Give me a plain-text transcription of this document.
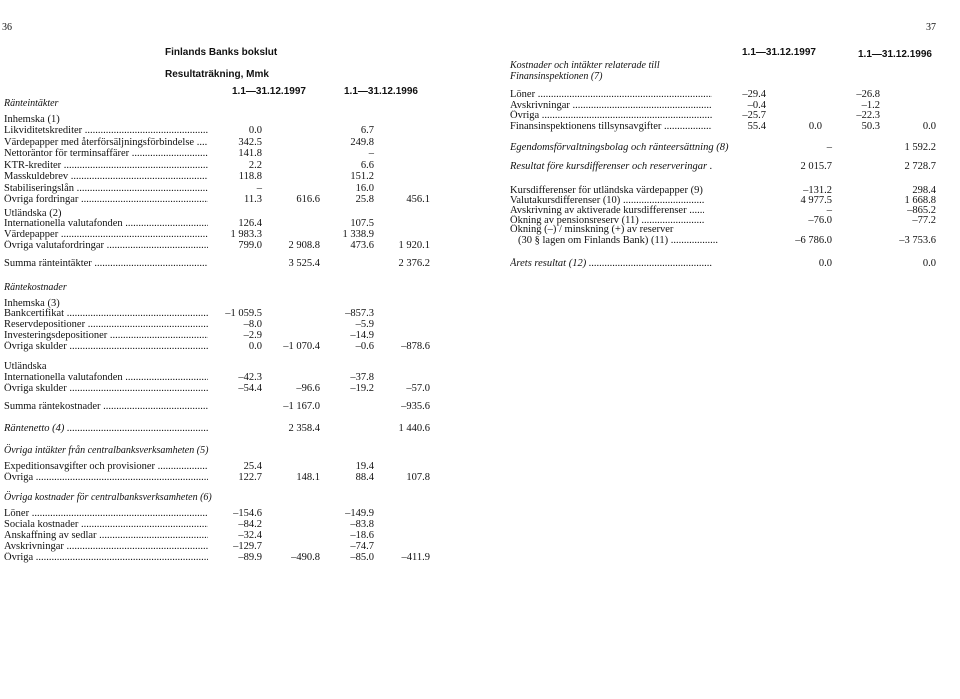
36	37
Finlands Banks bokslut
Resultaträkning, Mmk
1.1—31.12.1997	1.1—31.12.1996
1.1—31.12.1997	1.1—31.12.1996
Ränteintäkter
Inhemska (1)
Likviditetskrediter .....	0.0	6.7
Värdepapper med återförsäljningsförbindelse .....	342.5	249.8
Nettoräntor för terminsaffärer .....	141.8	–
KTR-krediter .....	2.2	6.6
Masskuldebrev .....	118.8	151.2
Stabiliseringslån .....	–	16.0
Övriga fordringar .....	11.3	616.6	25.8	456.1
Utländska (2)
Internationella valutafonden .....	126.4	107.5
Värdepapper .....	1 983.3	1 338.9
Övriga valutafordringar .....	799.0	2 908.8	473.6	1 920.1
Summa ränteintäkter .....	3 525.4	2 376.2
Räntekostnader
Inhemska (3)
Bankcertifikat .....	–1 059.5	–857.3
Reservdepositioner .....	–8.0	–5.9
Investeringsdepositioner .....	–2.9	–14.9
Övriga skulder .....	0.0	–1 070.4	–0.6	–878.6
Utländska
Internationella valutafonden .....	–42.3	–37.8
Övriga skulder .....	–54.4	–96.6	–19.2	–57.0
Summa räntekostnader .....	–1 167.0	–935.6
Räntenetto (4) .....	2 358.4	1 440.6
Övriga intäkter från centralbanksverksamheten (5)
Expeditionsavgifter och provisioner .....	25.4	19.4
Övriga .....	122.7	148.1	88.4	107.8
Övriga kostnader för centralbanksverksamheten (6)
Löner .....	–154.6	–149.9
Sociala kostnader .....	–84.2	–83.8
Anskaffning av sedlar .....	–32.4	–18.6
Avskrivningar .....	–129.7	–74.7
Övriga .....	–89.9	–490.8	–85.0	–411.9
Kostnader och intäkter relaterade till
Finansinspektionen (7)
Löner .....	–29.4	–26.8
Avskrivningar .....	–0.4	–1.2
Övriga .....	–25.7	–22.3
Finansinspektionens tillsynsavgifter .....	55.4	0.0	50.3	0.0
Egendomsförvaltningsbolag och ränteersättning (8)	–	1 592.2
Resultat före kursdifferenser och reserveringar .....	2 015.7	2 728.7
Kursdifferenser för utländska värdepapper (9) .....	–131.2	298.4
Valutakursdifferenser (10) .....	4 977.5	1 668.8
Avskrivning av aktiverade kursdifferenser .....	–	–865.2
Ökning av pensionsreserv (11) .....	–76.0	–77.2
Ökning (–) / minskning (+) av reserver
(30 § lagen om Finlands Bank) (11) .....	–6 786.0	–3 753.6
Årets resultat (12) .....	0.0	0.0
